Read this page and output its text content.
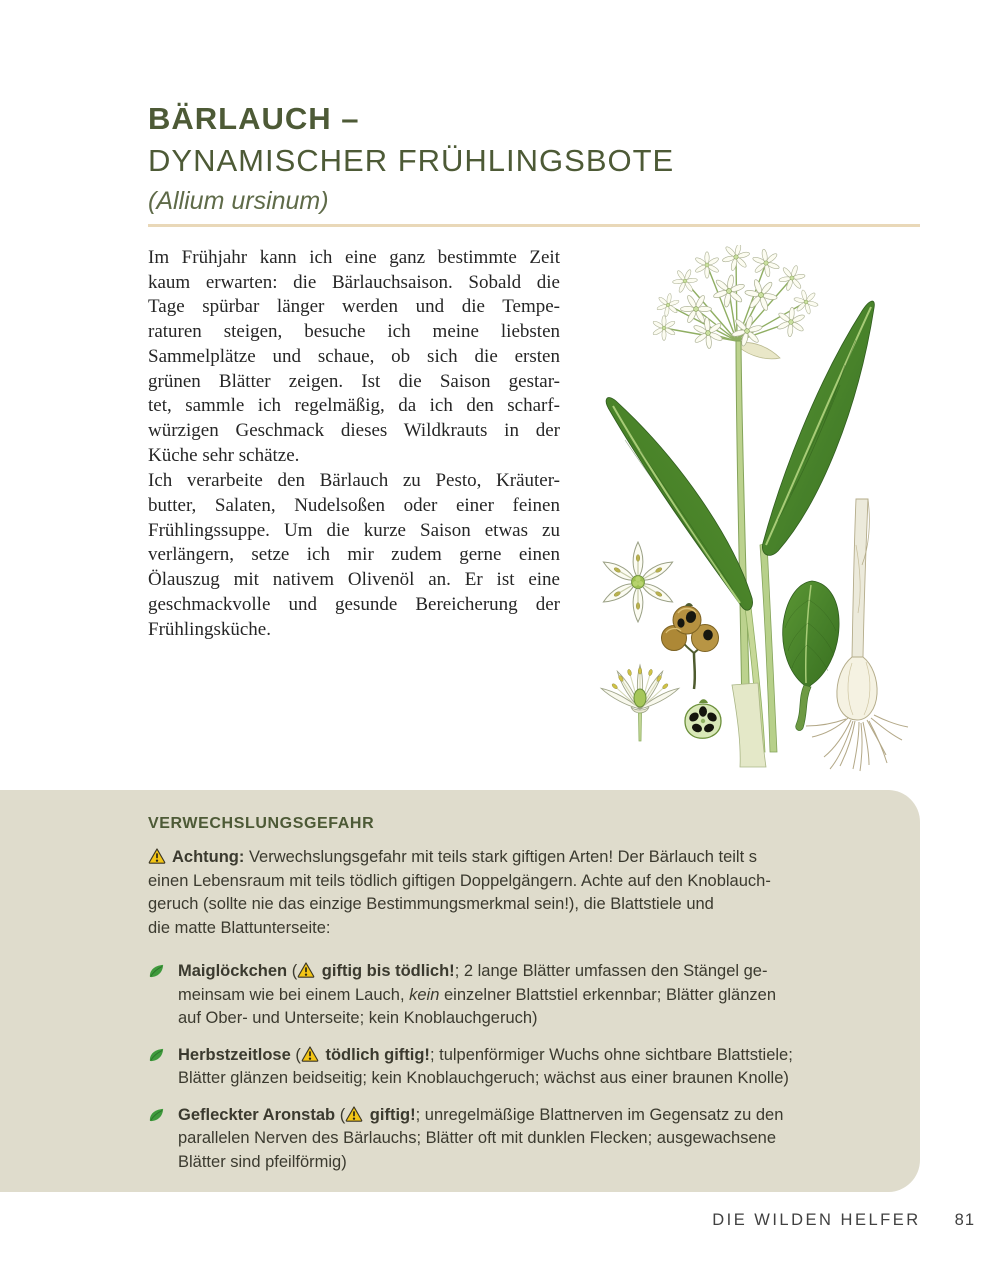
BÄRLAUCH –
DYNAMISCHER FRÜHLINGSBOTE
(Allium ursinum)
Im Frühjahr kann ich eine ganz bestimmte Zeit
kaum erwarten: die Bärlauchsaison. Sobald die
Tage spürbar länger werden und die Tempe-
raturen steigen, besuche ich meine liebsten
Sammelplätze und schaue, ob sich die ersten
grünen Blätter zeigen. Ist die Saison gestar-
tet, sammle ich regelmäßig, da ich den scharf-
würzigen Geschmack dieses Wildkrauts in der
Küche sehr schätze.
Ich verarbeite den Bärlauch zu Pesto, Kräuter-
butter, Salaten, Nudelsoßen oder einer feinen
Frühlingssuppe. Um die kurze Saison etwas zu
verlängern, setze ich mir zudem gerne einen
Ölauszug mit nativem Olivenöl an. Er ist eine
geschmackvolle und gesunde Bereicherung der
Frühlingsküche.
VERWECHSLUNGSGEFAHR
Achtung: Verwechslungsgefahr mit teils stark giftigen Arten! Der Bärlauch teilt s
einen Lebensraum mit teils tödlich giftigen Doppelgängern. Achte auf den Knoblauch-
geruch (sollte nie das einzige Bestimmungsmerkmal sein!), die Blattstiele und
die matte Blattunterseite:
Maiglöckchen ( giftig bis tödlich!; 2 lange Blätter umfassen den Stängel ge-
meinsam wie bei einem Lauch, kein einzelner Blattstiel erkennbar; Blätter glänzen
auf Ober- und Unterseite; kein Knoblauchgeruch)
Herbstzeitlose ( tödlich giftig!; tulpenförmiger Wuchs ohne sichtbare Blattstiele;
Blätter glänzen beidseitig; kein Knoblauchgeruch; wächst aus einer braunen Knolle)
Gefleckter Aronstab ( giftig!; unregelmäßige Blattnerven im Gegensatz zu den
parallelen Nerven des Bärlauchs; Blätter oft mit dunklen Flecken; ausgewachsene
Blätter sind pfeilförmig)
DIE WILDEN HELFER 81
